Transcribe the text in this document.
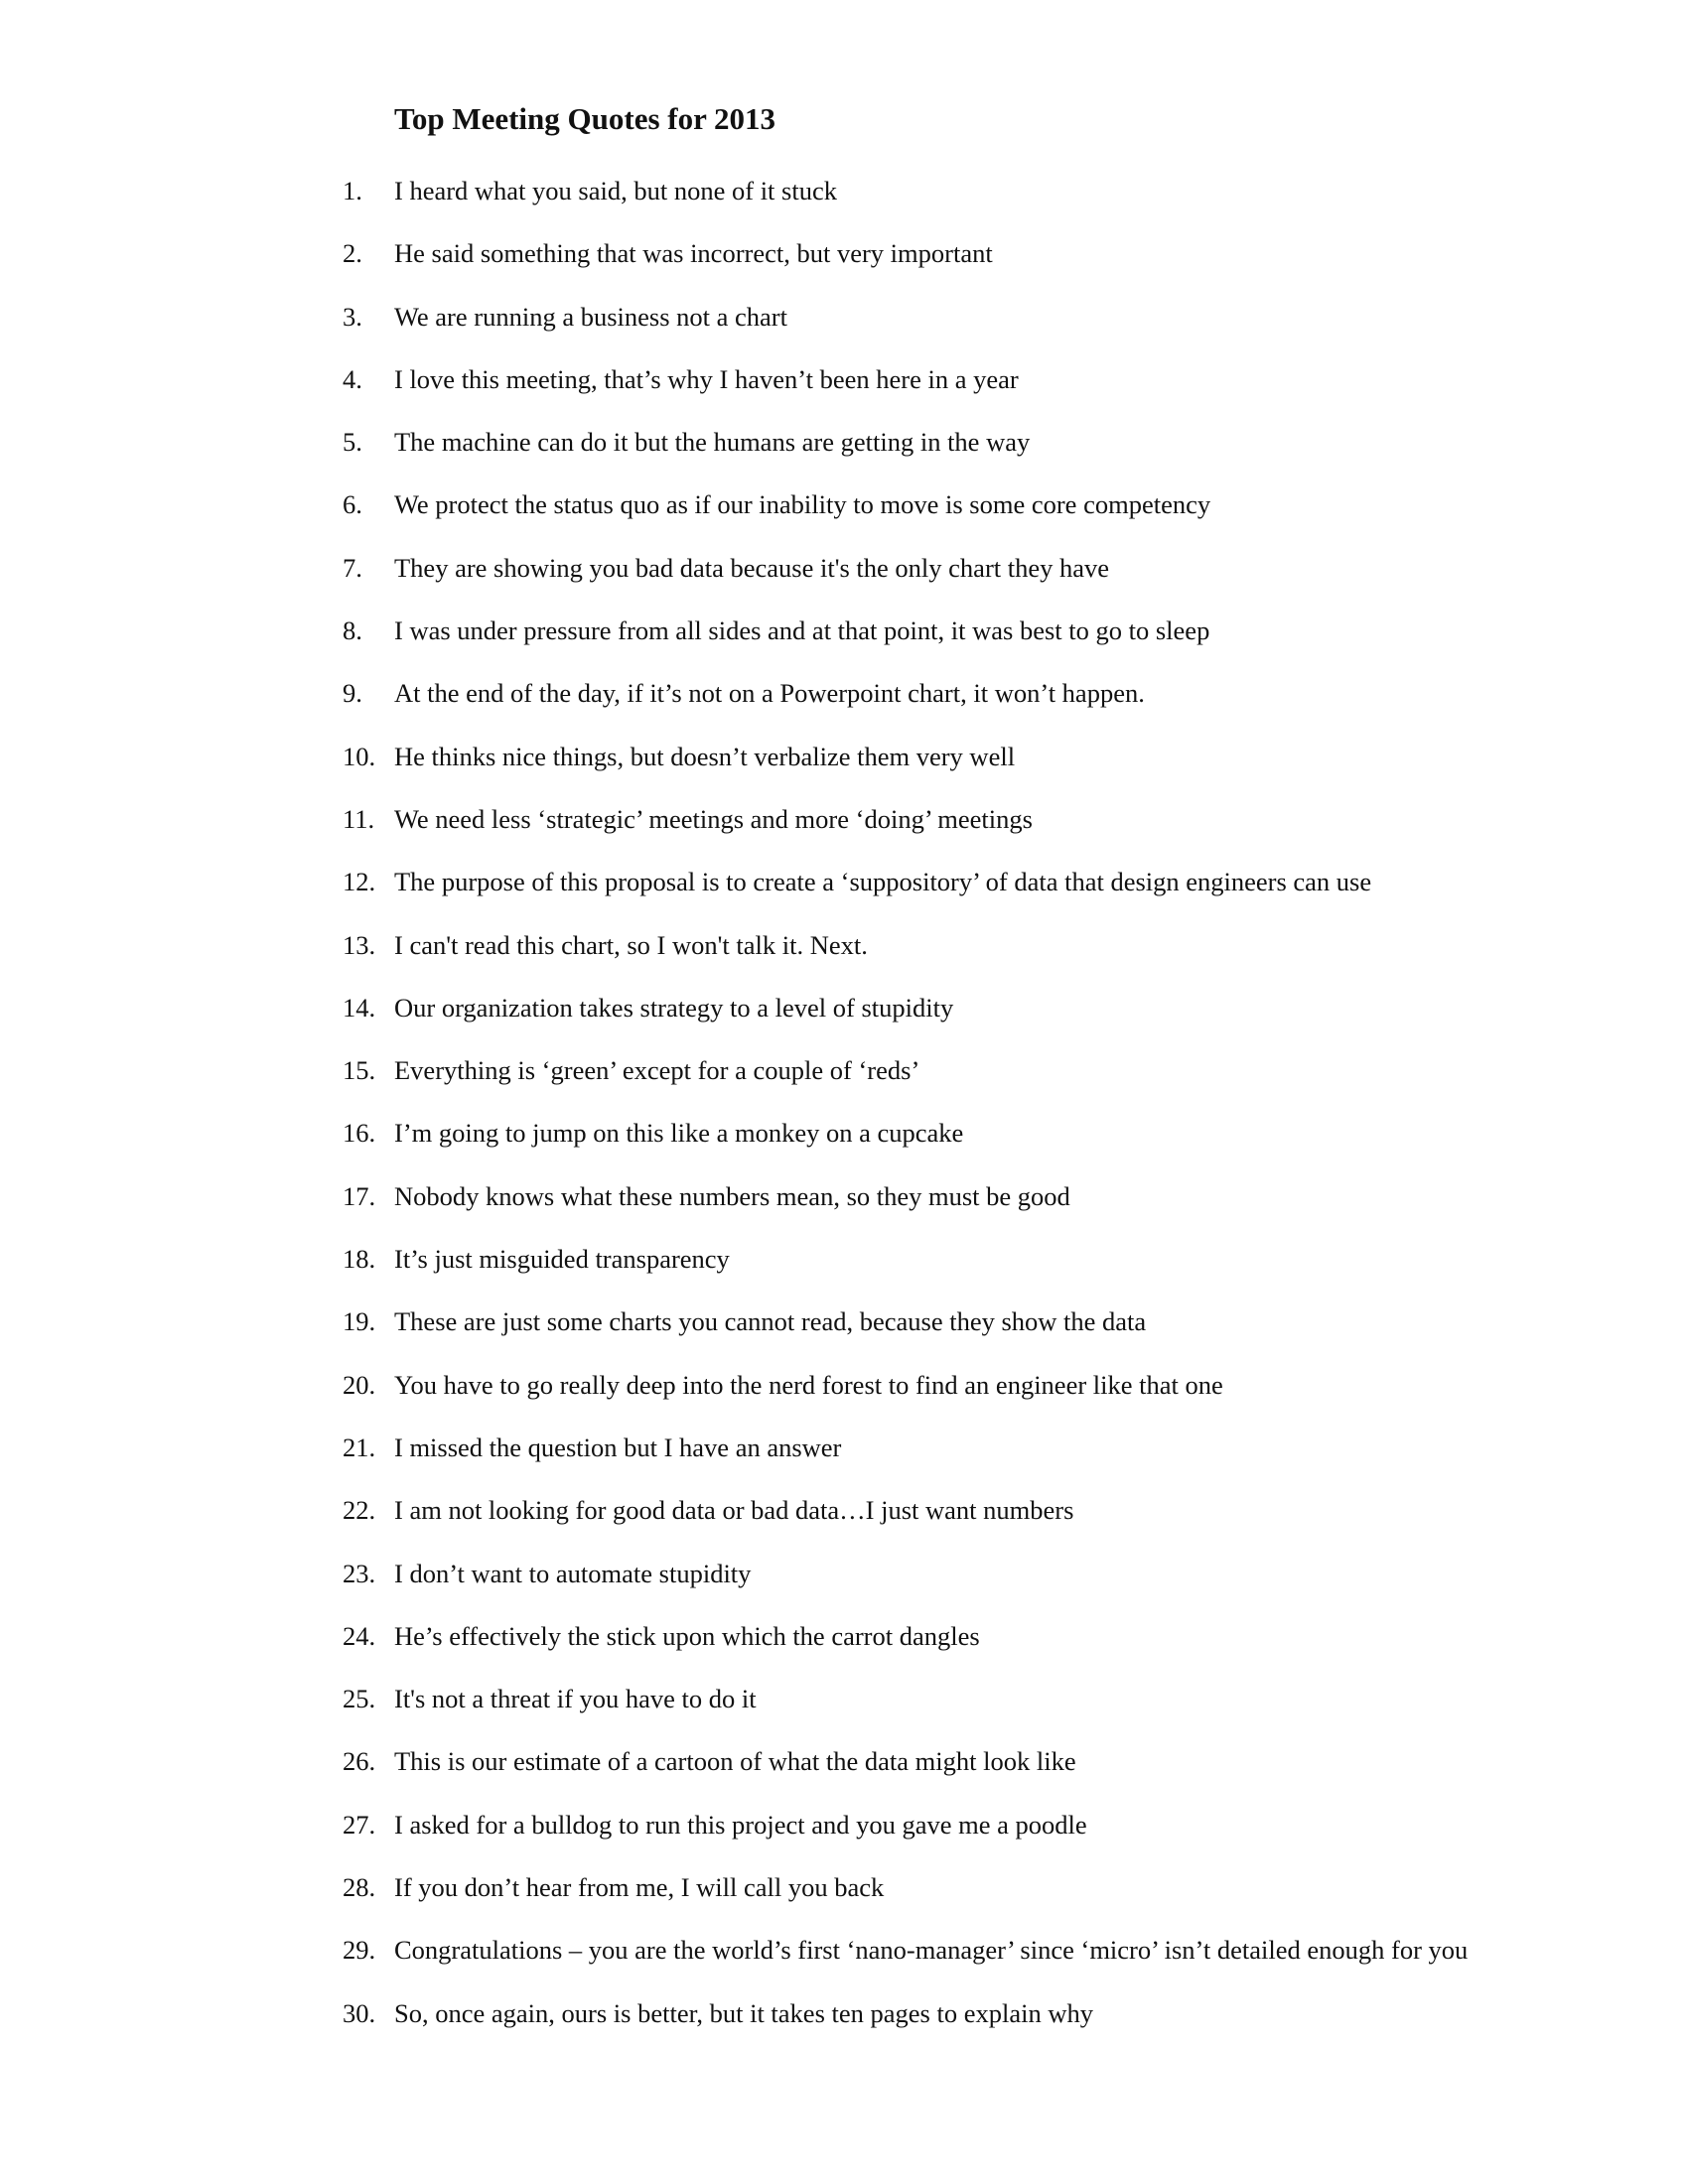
Top Meeting Quotes for 2013
1. I heard what you said, but none of it stuck
2. He said something that was incorrect, but very important
3. We are running a business not a chart
4. I love this meeting, that’s why I haven’t been here in a year
5. The machine can do it but the humans are getting in the way
6. We protect the status quo as if our inability to move is some core competency
7. They are showing you bad data because it's the only chart they have
8. I was under pressure from all sides and at that point, it was best to go to sleep
9. At the end of the day, if it’s not on a Powerpoint chart, it won’t happen.
10. He thinks nice things, but doesn’t verbalize them very well
11. We need less ‘strategic’ meetings and more ‘doing’ meetings
12. The purpose of this proposal is to create a ‘suppository’ of data that design engineers can use
13. I can't read this chart, so I won't talk it. Next.
14. Our organization takes strategy to a level of stupidity
15. Everything is ‘green’ except for a couple of ‘reds’
16. I’m going to jump on this like a monkey on a cupcake
17. Nobody knows what these numbers mean, so they must be good
18. It’s just misguided transparency
19. These are just some charts you cannot read, because they show the data
20. You have to go really deep into the nerd forest to find an engineer like that one
21. I missed the question but I have an answer
22. I am not looking for good data or bad data…I just want numbers
23. I don’t want to automate stupidity
24. He’s effectively the stick upon which the carrot dangles
25. It's not a threat if you have to do it
26. This is our estimate of a cartoon of what the data might look like
27. I asked for a bulldog to run this project and you gave me a poodle
28. If you don’t hear from me, I will call you back
29. Congratulations – you are the world’s first ‘nano-manager’ since ‘micro’ isn’t detailed enough for you
30. So, once again, ours is better, but it takes ten pages to explain why
